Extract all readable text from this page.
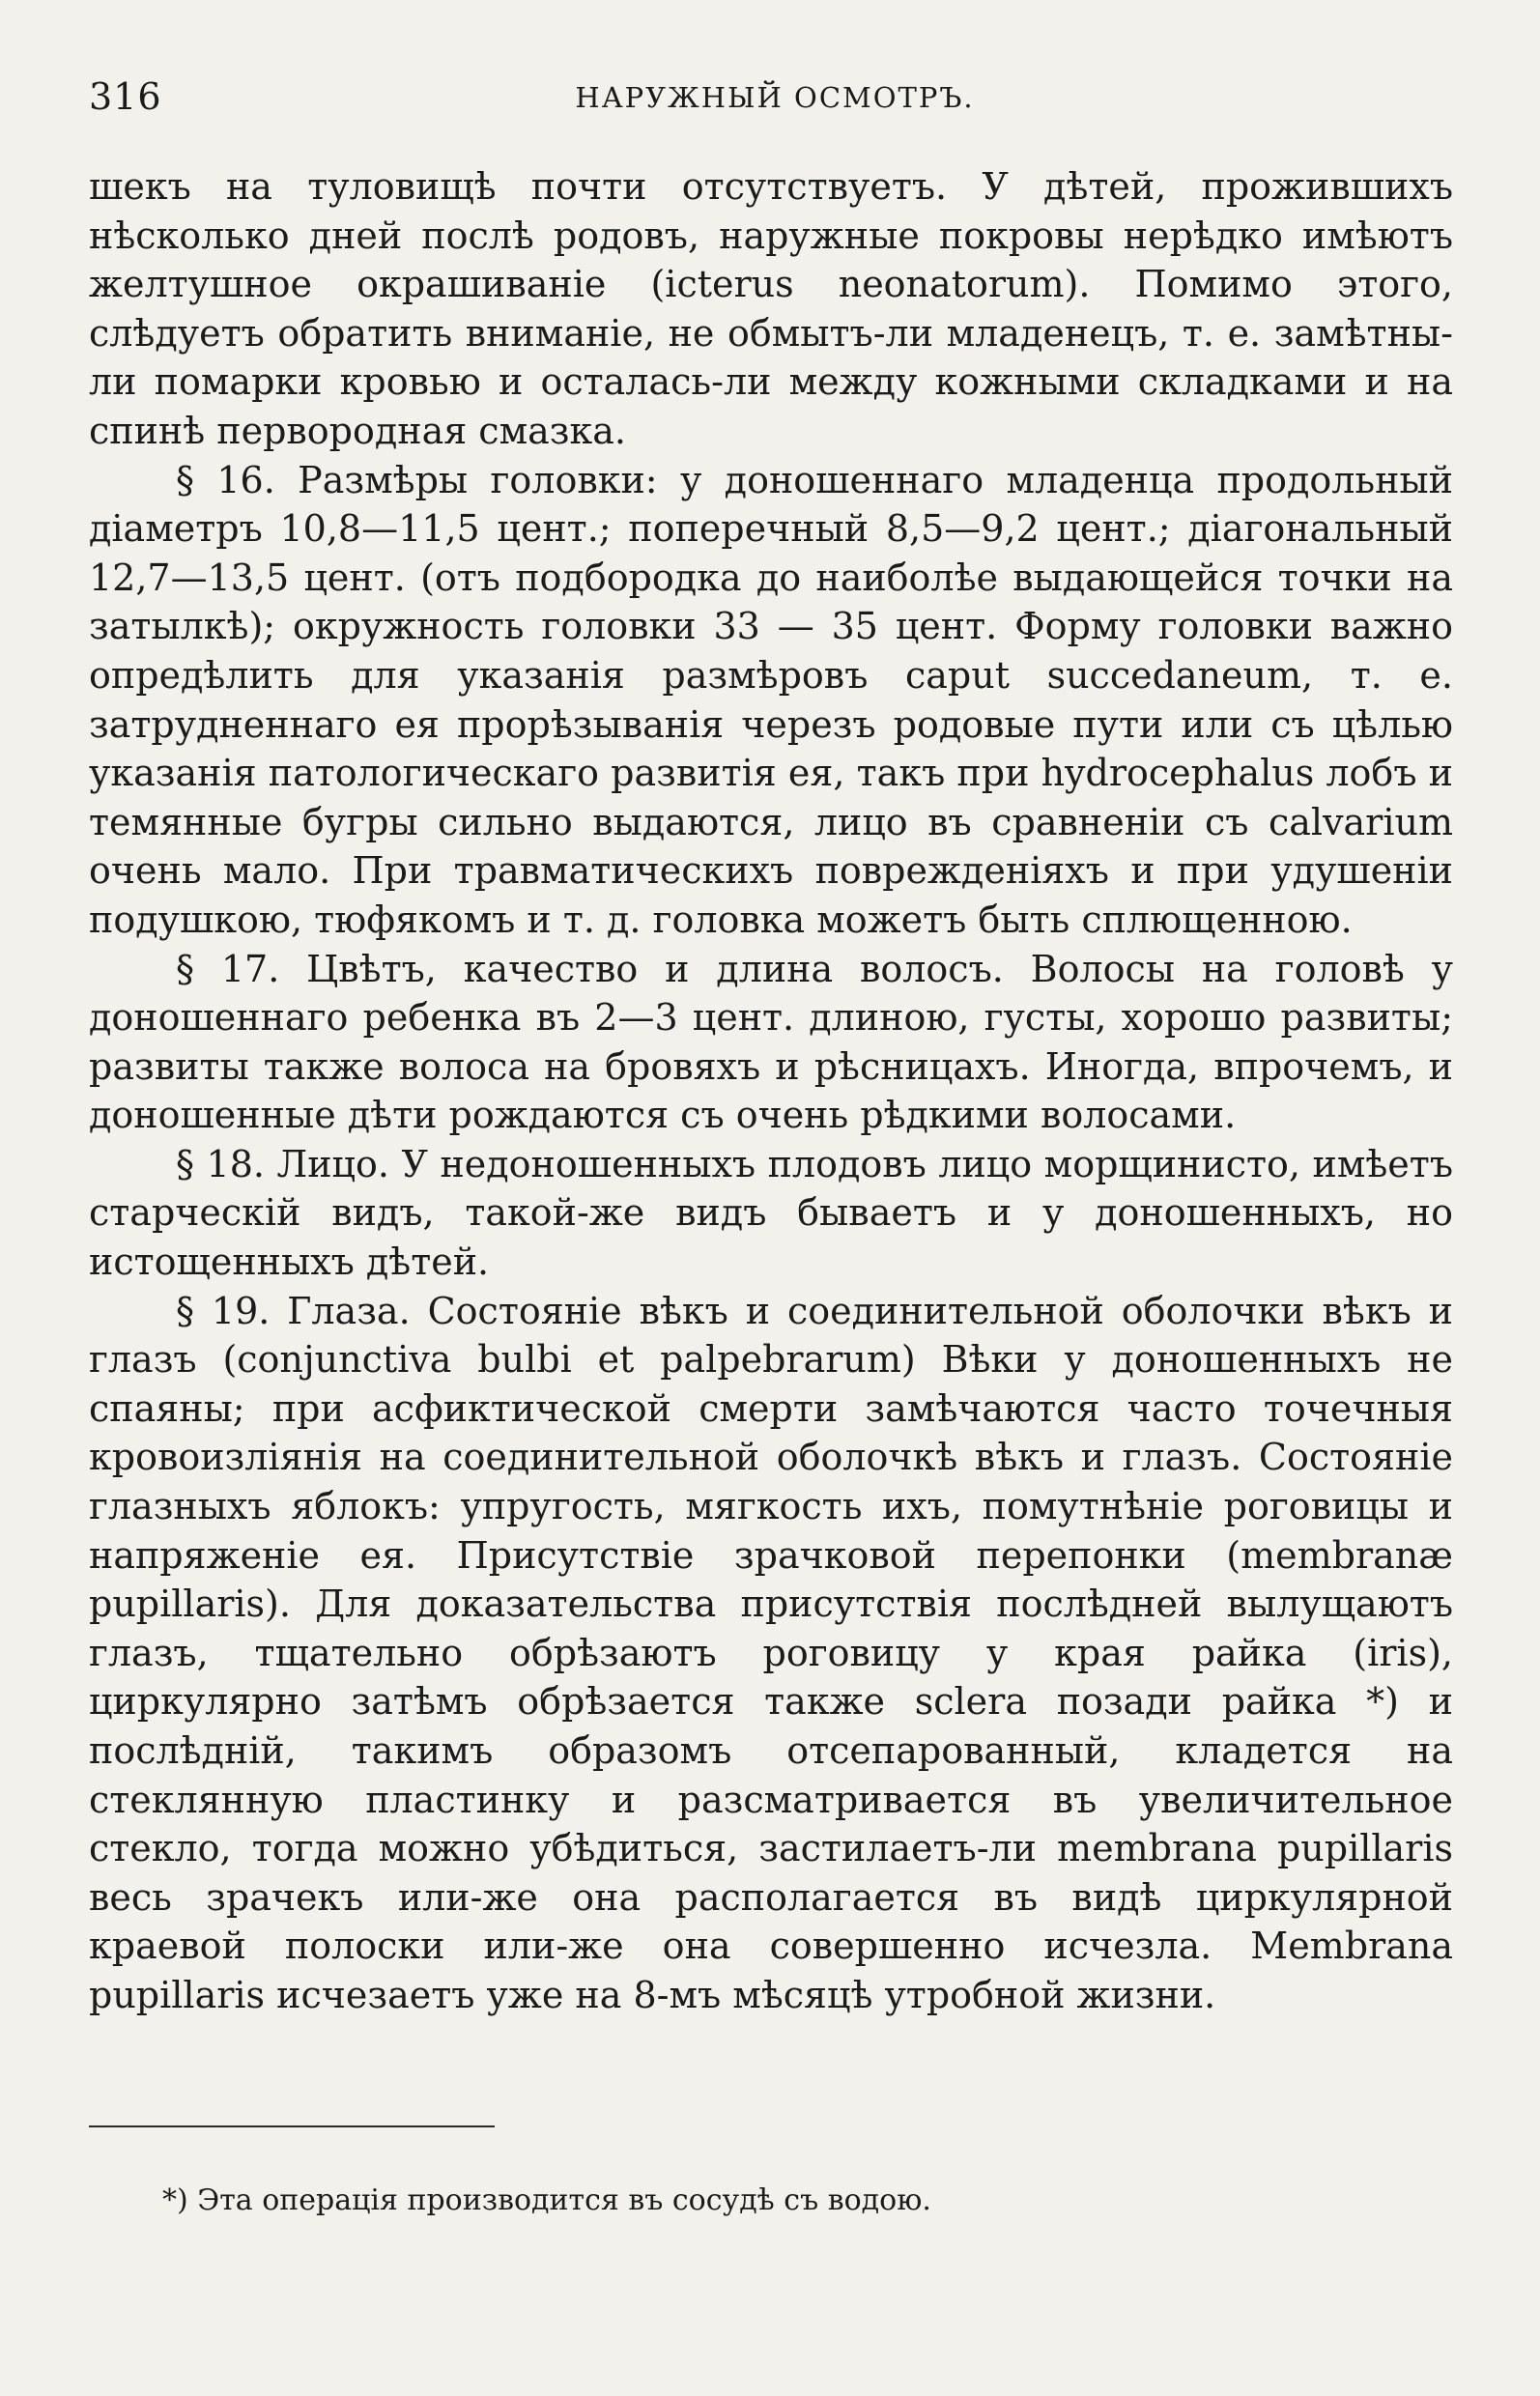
316	НАРУЖНЫЙ ОСМОТРЪ.

шекъ на туловищѣ почти отсутствуетъ. У дѣтей, прожившихъ нѣсколько дней послѣ родовъ, наружные покровы нерѣдко имѣютъ желтушное окрашиванiе (icterus neonatorum). Помимо этого, слѣдуетъ обратить вниманiе, не обмытъ-ли младенецъ, т. е. замѣтны-ли помарки кровью и осталась-ли между кожными складками и на спинѣ первородная смазка.

§ 16. Размѣры головки: у доношеннаго младенца продольный дiаметръ 10,8—11,5 цент.; поперечный 8,5—9,2 цент.; дiагональный 12,7—13,5 цент. (отъ подбородка до наиболѣе выдающейся точки на затылкѣ); окружность головки 33 — 35 цент. Форму головки важно опредѣлить для указанiя размѣровъ caput succedaneum, т. е. затрудненнаго ея прорѣзыванiя черезъ родовые пути или съ цѣлью указанiя патологическаго развитiя ея, такъ при hydrocephalus лобъ и темянные бугры сильно выдаются, лицо въ сравненiи съ calvarium очень мало. При травматическихъ поврежденiяхъ и при удушенiи подушкою, тюфякомъ и т. д. головка можетъ быть сплющенною.

§ 17. Цвѣтъ, качество и длина волосъ. Волосы на головѣ у доношеннаго ребенка въ 2—3 цент. длиною, густы, хорошо развиты; развиты также волоса на бровяхъ и рѣсницахъ. Иногда, впрочемъ, и доношенные дѣти рождаются съ очень рѣдкими волосами.

§ 18. Лицо. У недоношенныхъ плодовъ лицо морщинисто, имѣетъ старческiй видъ, такой-же видъ бываетъ и у доношенныхъ, но истощенныхъ дѣтей.

§ 19. Глаза. Состоянiе вѣкъ и соединительной оболочки вѣкъ и глазъ (conjunctiva bulbi et palpebrarum) Вѣки у доношенныхъ не спаяны; при асфиктической смерти замѣчаются часто точечныя кровоизлiянiя на соединительной оболочкѣ вѣкъ и глазъ. Состоянiе глазныхъ яблокъ: упругость, мягкость ихъ, помутнѣнiе роговицы и напряженiе ея. Присутствiе зрачковой перепонки (membranæ pupillaris). Для доказательства присутствiя послѣдней вылущаютъ глазъ, тщательно обрѣзаютъ роговицу у края райка (iris), циркулярно затѣмъ обрѣзается также sclera позади райка *) и послѣднiй, такимъ образомъ отсепарованный, кладется на стеклянную пластинку и разсматривается въ увеличительное стекло, тогда можно убѣдиться, застилаетъ-ли membrana pupillaris весь зрачекъ или-же она располагается въ видѣ циркулярной краевой полоски или-же она совершенно исчезла. Membrana pupillaris исчезаетъ уже на 8-мъ мѣсяцѣ утробной жизни.

*) Эта операцiя производится въ сосудѣ съ водою.
